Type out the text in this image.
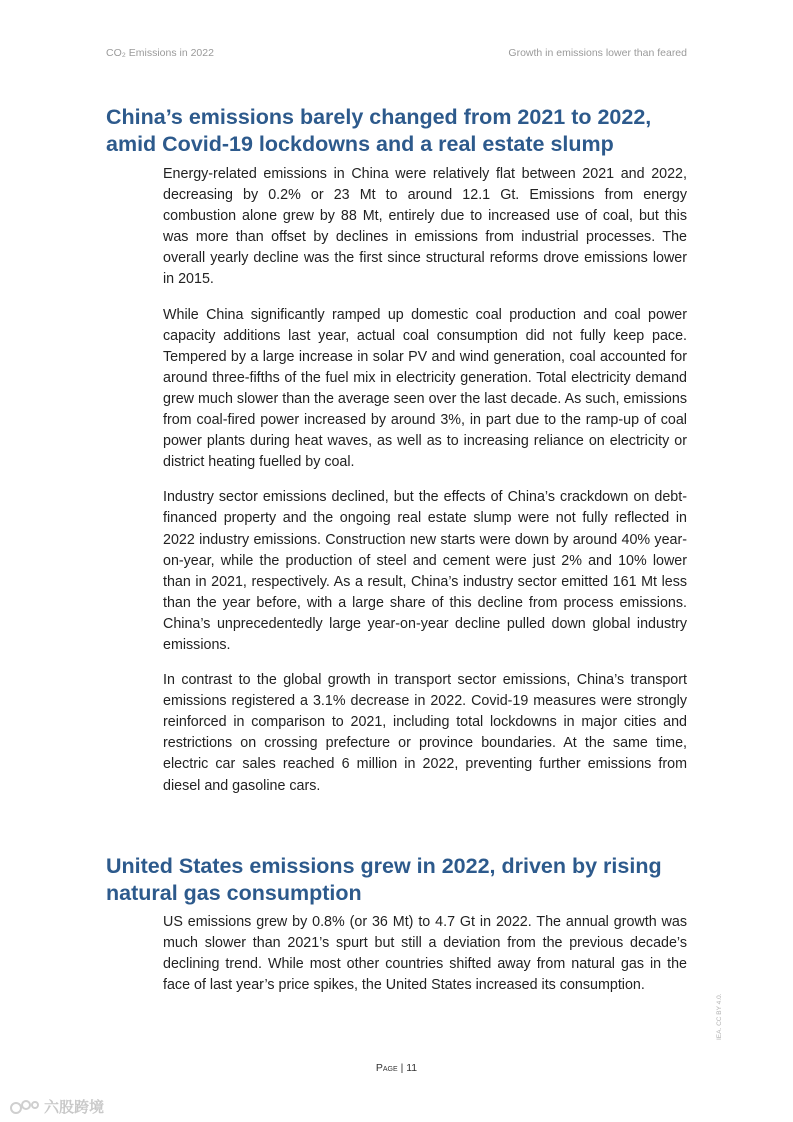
CO₂ Emissions in 2022	Growth in emissions lower than feared
China’s emissions barely changed from 2021 to 2022, amid Covid-19 lockdowns and a real estate slump

Energy-related emissions in China were relatively flat between 2021 and 2022, decreasing by 0.2% or 23 Mt to around 12.1 Gt. Emissions from energy combustion alone grew by 88 Mt, entirely due to increased use of coal, but this was more than offset by declines in emissions from industrial processes. The overall yearly decline was the first since structural reforms drove emissions lower in 2015.

While China significantly ramped up domestic coal production and coal power capacity additions last year, actual coal consumption did not fully keep pace. Tempered by a large increase in solar PV and wind generation, coal accounted for around three-fifths of the fuel mix in electricity generation. Total electricity demand grew much slower than the average seen over the last decade. As such, emissions from coal-fired power increased by around 3%, in part due to the ramp-up of coal power plants during heat waves, as well as to increasing reliance on electricity or district heating fuelled by coal.

Industry sector emissions declined, but the effects of China’s crackdown on debt-financed property and the ongoing real estate slump were not fully reflected in 2022 industry emissions. Construction new starts were down by around 40% year-on-year, while the production of steel and cement were just 2% and 10% lower than in 2021, respectively. As a result, China’s industry sector emitted 161 Mt less than the year before, with a large share of this decline from process emissions. China’s unprecedentedly large year-on-year decline pulled down global industry emissions.

In contrast to the global growth in transport sector emissions, China’s transport emissions registered a 3.1% decrease in 2022. Covid-19 measures were strongly reinforced in comparison to 2021, including total lockdowns in major cities and restrictions on crossing prefecture or province boundaries. At the same time, electric car sales reached 6 million in 2022, preventing further emissions from diesel and gasoline cars.

United States emissions grew in 2022, driven by rising natural gas consumption

US emissions grew by 0.8% (or 36 Mt) to 4.7 Gt in 2022. The annual growth was much slower than 2021’s spurt but still a deviation from the previous decade’s declining trend. While most other countries shifted away from natural gas in the face of last year’s price spikes, the United States increased its consumption.

Page | 11
IEA. CC BY 4.0.
六股跨境
